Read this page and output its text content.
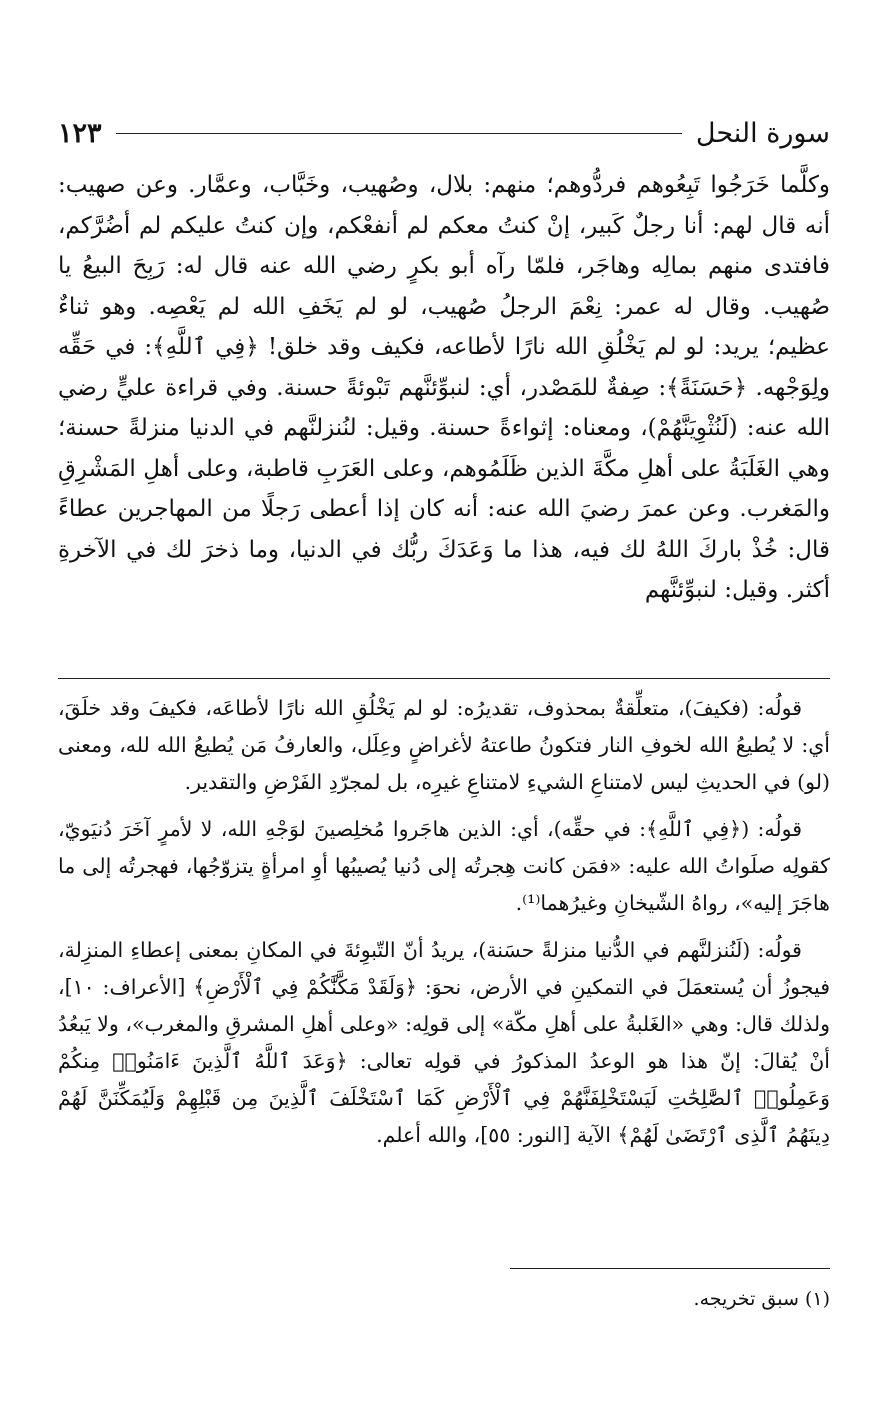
سورة النحل
١٢٣

وكلَّما خَرَجُوا تَبِعُوهم فردُّوهم؛ منهم: بلال، وصُهيب، وخَبَّاب، وعمَّار. وعن صهيب: أنه قال لهم: أنا رجلٌ كَبير، إنْ كنتُ معكم لم أنفعْكم، وإن كنتُ عليكم لم أضُرَّكم، فافتدى منهم بمالِه وهاجَر، فلمّا رآه أبو بكرٍ رضي الله عنه قال له: رَبِحَ البيعُ يا صُهيب. وقال له عمر: نِعْمَ الرجلُ صُهيب، لو لم يَخَفِ الله لم يَعْصِه. وهو ثناءٌ عظيم؛ يريد: لو لم يَخْلُقِ الله نارًا لأطاعه، فكيف وقد خلق! ﴿فِي ٱللَّهِ﴾: في حَقِّه ولِوَجْهه. ﴿حَسَنَةً﴾: صِفةٌ للمَصْدر، أي: لنبوِّئنَّهم تَبْوئةً حسنة. وفي قراءة عليٍّ رضي الله عنه: (لَنُثْوِيَنَّهُمْ)، ومعناه: إثواءةً حسنة. وقيل: لنُنزلنَّهم في الدنيا منزلةً حسنة؛ وهي الغَلَبَةُ على أهلِ مكَّةَ الذين ظَلَمُوهم، وعلى العَرَبِ قاطبة، وعلى أهلِ المَشْرِقِ والمَغرب. وعن عمرَ رضيَ الله عنه: أنه كان إذا أعطى رَجلًا من المهاجرين عطاءً قال: خُذْ باركَ اللهُ لك فيه، هذا ما وَعَدَكَ ربُّك في الدنيا، وما ذخرَ لك في الآخرةِ أكثر. وقيل: لنبوِّئنَّهم

قولُه: (فكيفَ)، متعلِّقةٌ بمحذوف، تقديرُه: لو لم يَخْلُقِ الله نارًا لأطاعَه، فكيفَ وقد خلَقَ، أي: لا يُطيعُ الله لخوفِ النار فتكونُ طاعتهُ لأغراضٍ وعِلَل، والعارفُ مَن يُطيعُ الله لله، ومعنى (لو) في الحديثِ ليس لامتناعِ الشيءِ لامتناعِ غيرِه، بل لمجرّدِ الفَرْضِ والتقدير.

قولُه: (﴿فِي ٱللَّهِ﴾: في حقِّه)، أي: الذين هاجَروا مُخلِصينَ لوَجْهِ الله، لا لأمرٍ آخَرَ دُنيَويّ، كقولِه صلَواتُ الله عليه: «فمَن كانت هِجرتُه إلى دُنيا يُصيبُها أوِ امرأةٍ يتزوّجُها، فهجرتُه إلى ما هاجَرَ إليه»، رواهُ الشّيخانِ وغيرُهما⁽¹⁾.

قولُه: (لَنُنزلنَّهم في الدُّنيا منزلةً حسَنة)، يريدُ أنّ التّبوِئةَ في المكانِ بمعنى إعطاءِ المنزِلة، فيجوزُ أن يُستعمَلَ في التمكينِ في الأرض، نحوَ: ﴿وَلَقَدْ مَكَّنَّٰكُمْ فِي ٱلْأَرْضِ﴾ [الأعراف: ١٠]، ولذلك قال: وهي «الغَلبةُ على أهلِ مكّة» إلى قولِه: «وعلى أهلِ المشرقِ والمغرب»، ولا يَبعُدُ أنْ يُقالَ: إنّ هذا هو الوعدُ المذكورُ في قولِه تعالى: ﴿وَعَدَ ٱللَّهُ ٱلَّذِينَ ءَامَنُوا۟ مِنكُمْ وَعَمِلُوا۟ ٱلصَّٰلِحَٰتِ لَيَسْتَخْلِفَنَّهُمْ فِي ٱلْأَرْضِ كَمَا ٱسْتَخْلَفَ ٱلَّذِينَ مِن قَبْلِهِمْ وَلَيُمَكِّنَنَّ لَهُمْ دِينَهُمُ ٱلَّذِى ٱرْتَضَىٰ لَهُمْ﴾ الآية [النور: ٥٥]، والله أعلم.

(١) سبق تخريجه.
